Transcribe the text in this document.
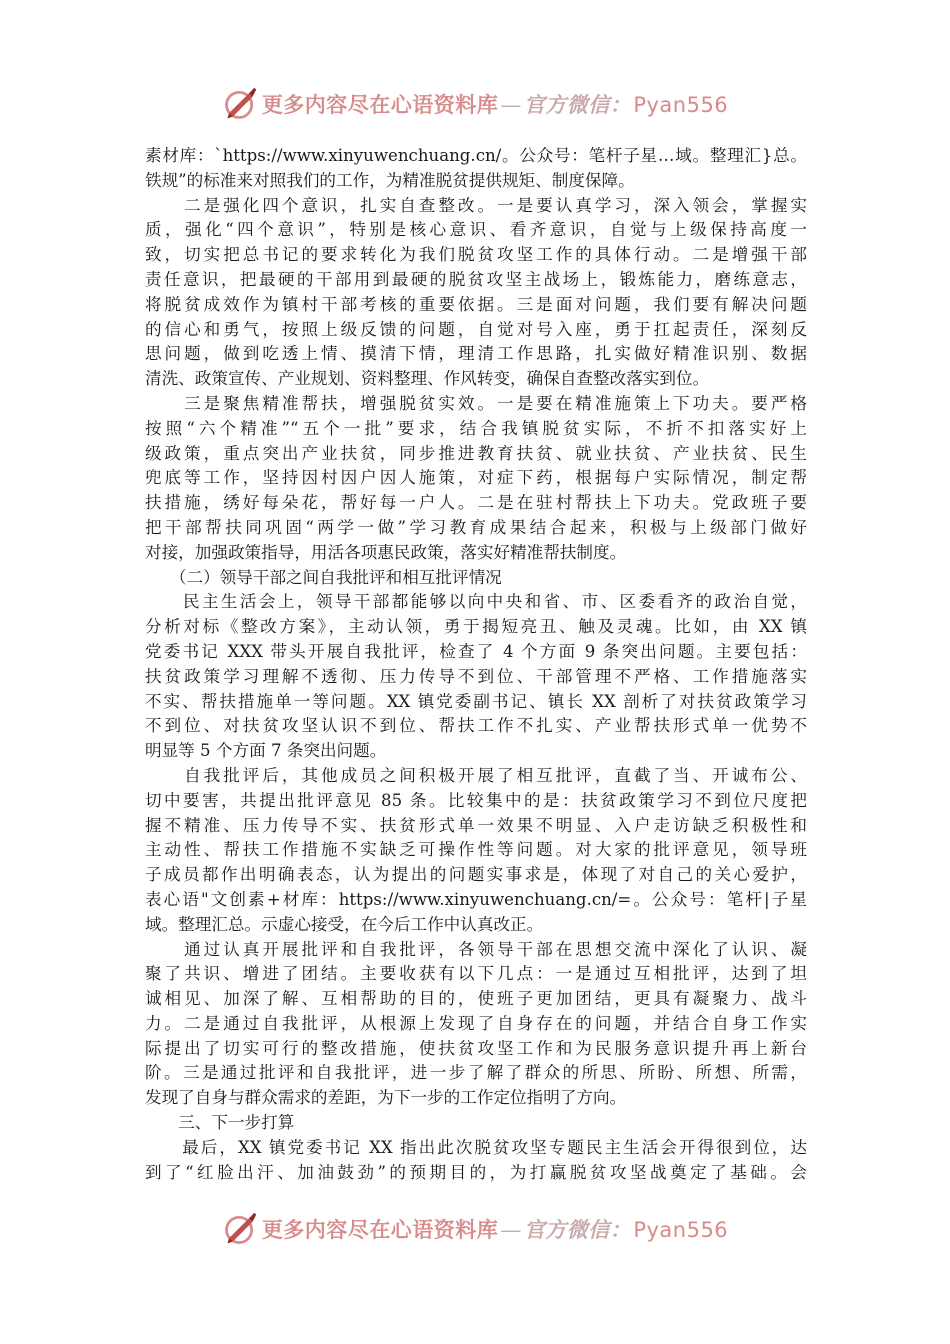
更多内容尽在心语资料库 — 官方微信： Pyan556
素材库：`https://www.xinyuwenchuang.cn/。公众号：笔杆子星…域。整理汇}总。
铁规”的标准来对照我们的工作，为精准脱贫提供规矩、制度保障。
　　二是强化四个意识，扎实自查整改。一是要认真学习，深入领会，掌握实
质，强化“四个意识”，特别是核心意识、看齐意识，自觉与上级保持高度一
致，切实把总书记的要求转化为我们脱贫攻坚工作的具体行动。二是增强干部
责任意识，把最硬的干部用到最硬的脱贫攻坚主战场上，锻炼能力，磨练意志，
将脱贫成效作为镇村干部考核的重要依据。三是面对问题，我们要有解决问题
的信心和勇气，按照上级反馈的问题，自觉对号入座，勇于扛起责任，深刻反
思问题，做到吃透上情、摸清下情，理清工作思路，扎实做好精准识别、数据
清洗、政策宣传、产业规划、资料整理、作风转变，确保自查整改落实到位。
　　三是聚焦精准帮扶，增强脱贫实效。一是要在精准施策上下功夫。要严格
按照“六个精准”“五个一批”要求，结合我镇脱贫实际，不折不扣落实好上
级政策，重点突出产业扶贫，同步推进教育扶贫、就业扶贫、产业扶贫、民生
兜底等工作，坚持因村因户因人施策，对症下药，根据每户实际情况，制定帮
扶措施，绣好每朵花，帮好每一户人。二是在驻村帮扶上下功夫。党政班子要
把干部帮扶同巩固“两学一做”学习教育成果结合起来，积极与上级部门做好
对接，加强政策指导，用活各项惠民政策，落实好精准帮扶制度。
　　（二）领导干部之间自我批评和相互批评情况
　　民主生活会上，领导干部都能够以向中央和省、市、区委看齐的政治自觉，
分析对标《整改方案》，主动认领，勇于揭短亮丑、触及灵魂。比如，由 XX 镇
党委书记 XXX 带头开展自我批评，检查了 4 个方面 9 条突出问题。主要包括：
扶贫政策学习理解不透彻、压力传导不到位、干部管理不严格、工作措施落实
不实、帮扶措施单一等问题。XX 镇党委副书记、镇长 XX 剖析了对扶贫政策学习
不到位、对扶贫攻坚认识不到位、帮扶工作不扎实、产业帮扶形式单一优势不
明显等 5 个方面 7 条突出问题。
　　自我批评后，其他成员之间积极开展了相互批评，直截了当、开诚布公、
切中要害，共提出批评意见 85 条。比较集中的是：扶贫政策学习不到位尺度把
握不精准、压力传导不实、扶贫形式单一效果不明显、入户走访缺乏积极性和
主动性、帮扶工作措施不实缺乏可操作性等问题。对大家的批评意见，领导班
子成员都作出明确表态，认为提出的问题实事求是，体现了对自己的关心爱护，
表心语"文创素+材库：https://www.xinyuwenchuang.cn/=。公众号：笔杆|子星
域。整理汇总。示虚心接受，在今后工作中认真改正。
　　通过认真开展批评和自我批评，各领导干部在思想交流中深化了认识、凝
聚了共识、增进了团结。主要收获有以下几点：一是通过互相批评，达到了坦
诚相见、加深了解、互相帮助的目的，使班子更加团结，更具有凝聚力、战斗
力。二是通过自我批评，从根源上发现了自身存在的问题，并结合自身工作实
际提出了切实可行的整改措施，使扶贫攻坚工作和为民服务意识提升再上新台
阶。三是通过批评和自我批评，进一步了解了群众的所思、所盼、所想、所需，
发现了自身与群众需求的差距，为下一步的工作定位指明了方向。
　　三、下一步打算
　　最后，XX 镇党委书记 XX 指出此次脱贫攻坚专题民主生活会开得很到位，达
到了“红脸出汗、加油鼓劲”的预期目的，为打赢脱贫攻坚战奠定了基础。会
更多内容尽在心语资料库 — 官方微信： Pyan556
